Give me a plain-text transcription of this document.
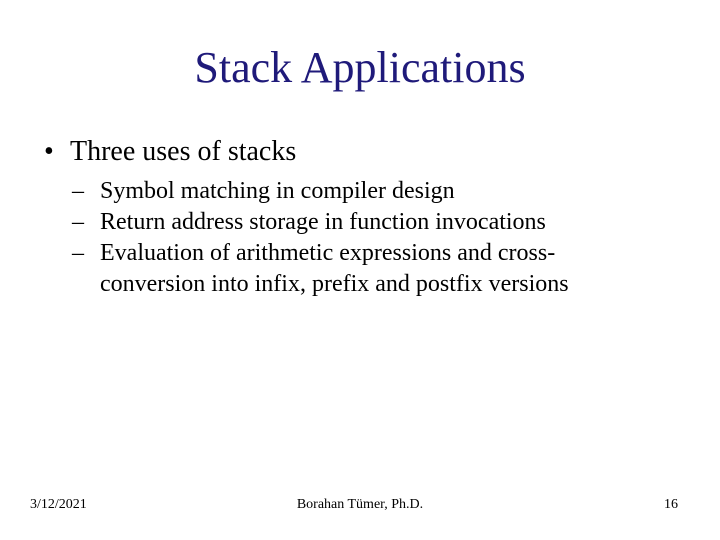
Stack Applications
• Three uses of stacks
– Symbol matching in compiler design
– Return address storage in function invocations
– Evaluation of arithmetic expressions and cross-
conversion into infix, prefix and postfix versions
3/12/2021	Borahan Tümer, Ph.D.	16
